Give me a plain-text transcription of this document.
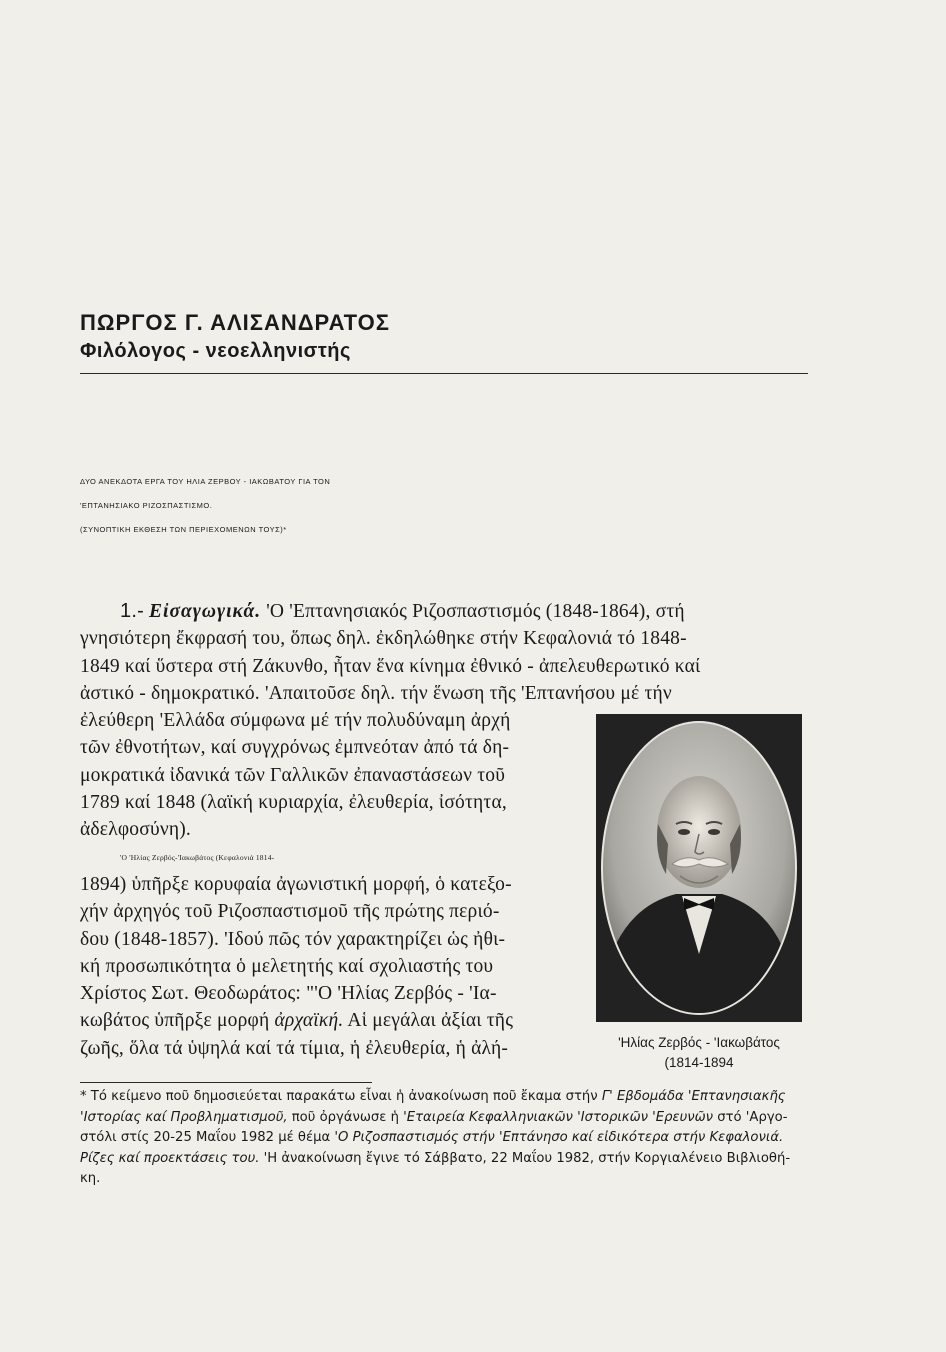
ΠΩΡΓΟΣ Γ. ΑΛΙΣΑΝΔΡΑΤΟΣ
Φιλόλογος - νεοελληνιστής
ΔΥΟ ΑΝΕΚΔΟΤΑ ΕΡΓΑ ΤΟΥ ΗΛΙΑ ΖΕΡΒΟΥ - ΙΑΚΩΒΑΤΟΥ ΓΙΑ ΤΟΝ
'ΕΠΤΑΝΗΣΙΑΚΟ ΡΙΖΟΣΠΑΣΤΙΣΜΟ.
(ΣΥΝΟΠΤΙΚΗ ΕΚΘΕΣΗ ΤΩΝ ΠΕΡΙΕΧΟΜΕΝΩΝ ΤΟΥΣ)*
1.- Εἰσαγωγικά. 'Ο 'Επτανησιακός Ριζοσπαστισμός (1848-1864), στή
γνησιότερη ἔκφρασή του, ὅπως δηλ. ἐκδηλώθηκε στήν Κεφαλονιά τό 1848-
1849 καί ὕστερα στή Ζάκυνθο, ἦταν ἕνα κίνημα ἐθνικό - ἀπελευθερωτικό καί
ἀστικό - δημοκρατικό. 'Απαιτοῦσε δηλ. τήν ἕνωση τῆς 'Επτανήσου μέ τήν
ἐλεύθερη 'Ελλάδα σύμφωνα μέ τήν πολυδύναμη ἀρχή
τῶν ἐθνοτήτων, καί συγχρόνως ἐμπνεόταν ἀπό τά δη-
μοκρατικά ἰδανικά τῶν Γαλλικῶν ἐπαναστάσεων τοῦ
1789 καί 1848 (λαϊκή κυριαρχία, ἐλευθερία, ἰσότητα,
ἀδελφοσύνη).
'Ο 'Ηλίας Ζερβός-'Ιακωβάτος (Κεφαλονιά 1814-
1894) ὑπῆρξε κορυφαία ἀγωνιστική μορφή, ὁ κατεξο-
χήν ἀρχηγός τοῦ Ριζοσπαστισμοῦ τῆς πρώτης περιό-
δου (1848-1857). 'Ιδού πῶς τόν χαρακτηρίζει ὡς ἠθι-
κή προσωπικότητα ὁ μελετητής καί σχολιαστής του
Χρίστος Σωτ. Θεοδωράτος: "'Ο 'Ηλίας Ζερβός - 'Ια-
κωβάτος ὑπῆρξε μορφή ἀρχαϊκή. Αἱ μεγάλαι ἀξίαι τῆς
ζωῆς, ὅλα τά ὑψηλά καί τά τίμια, ἡ ἐλευθερία, ἡ ἀλή-	'Ηλίας Ζερβός - 'Ιακωβάτος
(1814-1894
* Τό κείμενο ποῦ δημοσιεύεται παρακάτω εἶναι ἡ ἀνακοίνωση ποῦ ἔκαμα στήν Γ' Εβδομάδα 'Επτανησιακῆς
'Ιστορίας καί Προβληματισμοῦ, ποῦ ὀργάνωσε ἡ 'Εταιρεία Κεφαλληνιακῶν 'Ιστορικῶν 'Ερευνῶν στό 'Αργο-
στόλι στίς 20-25 Μαΐου 1982 μέ θέμα 'Ο Ριζοσπαστισμός στήν 'Επτάνησο καί εἰδικότερα στήν Κεφαλονιά.
Ρίζες καί προεκτάσεις του. 'Η ἀνακοίνωση ἔγινε τό Σάββατο, 22 Μαΐου 1982, στήν Κοργιαλένειο Βιβλιοθή-
κη.
